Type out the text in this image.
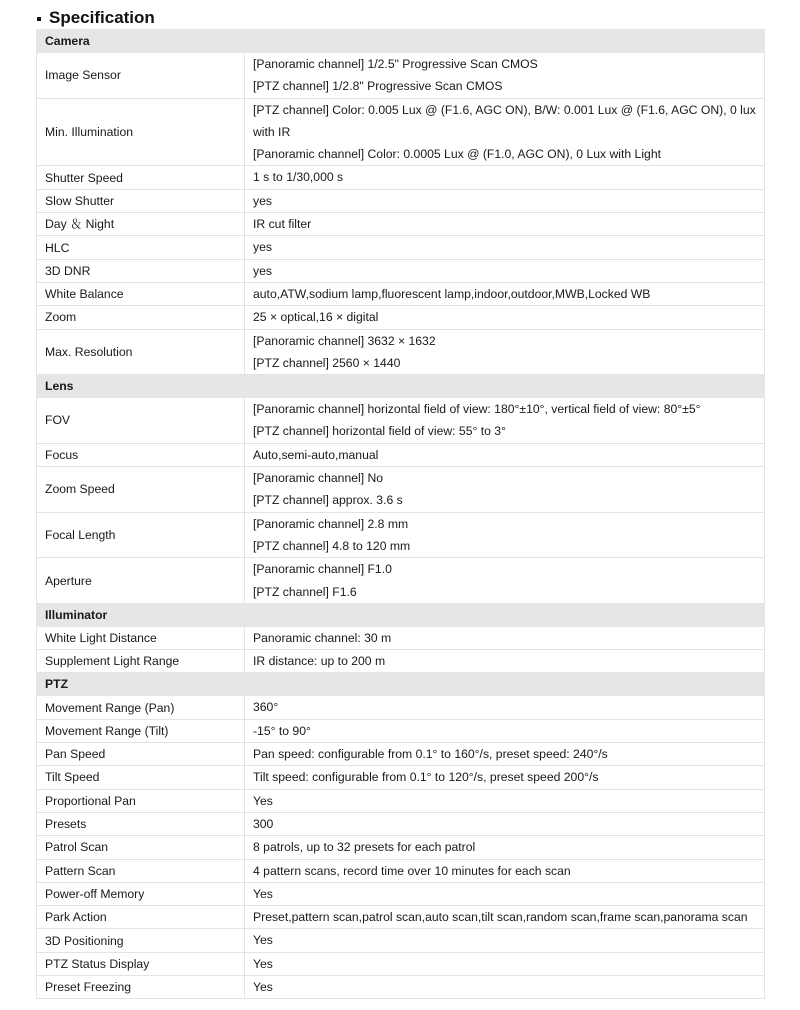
Specification
Camera	
Image Sensor	[Panoramic channel] 1/2.5" Progressive Scan CMOS
[PTZ channel] 1/2.8" Progressive Scan CMOS

Min. Illumination	[PTZ channel] Color: 0.005 Lux @ (F1.6, AGC ON), B/W: 0.001 Lux @ (F1.6, AGC ON), 0 lux with IR
[Panoramic channel] Color: 0.0005 Lux @ (F1.0, AGC ON), 0 Lux with Light

Shutter Speed	1 s to 1/30,000 s

Slow Shutter	yes

Day ＆ Night	IR cut filter

HLC	yes

3D DNR	yes

White Balance	auto,ATW,sodium lamp,fluorescent lamp,indoor,outdoor,MWB,Locked WB

Zoom	25 × optical,16 × digital

Max. Resolution	[Panoramic channel] 3632 × 1632
[PTZ channel] 2560 × 1440

Lens	
FOV	[Panoramic channel] horizontal field of view: 180°±10°, vertical field of view: 80°±5°
[PTZ channel] horizontal field of view: 55° to 3°

Focus	Auto,semi-auto,manual

Zoom Speed	[Panoramic channel] No
[PTZ channel] approx. 3.6 s

Focal Length	[Panoramic channel] 2.8 mm
[PTZ channel] 4.8 to 120 mm

Aperture	[Panoramic channel] F1.0
[PTZ channel] F1.6

Illuminator	
White Light Distance	Panoramic channel: 30 m

Supplement Light Range	IR distance: up to 200 m

PTZ	
Movement Range (Pan)	360°

Movement Range (Tilt)	-15° to 90°

Pan Speed	Pan speed: configurable from 0.1° to 160°/s, preset speed: 240°/s

Tilt Speed	Tilt speed: configurable from 0.1° to 120°/s, preset speed 200°/s

Proportional Pan	Yes

Presets	300

Patrol Scan	8 patrols, up to 32 presets for each patrol

Pattern Scan	4 pattern scans, record time over 10 minutes for each scan

Power-off Memory	Yes

Park Action	Preset,pattern scan,patrol scan,auto scan,tilt scan,random scan,frame scan,panorama scan

3D Positioning	Yes

PTZ Status Display	Yes

Preset Freezing	Yes
